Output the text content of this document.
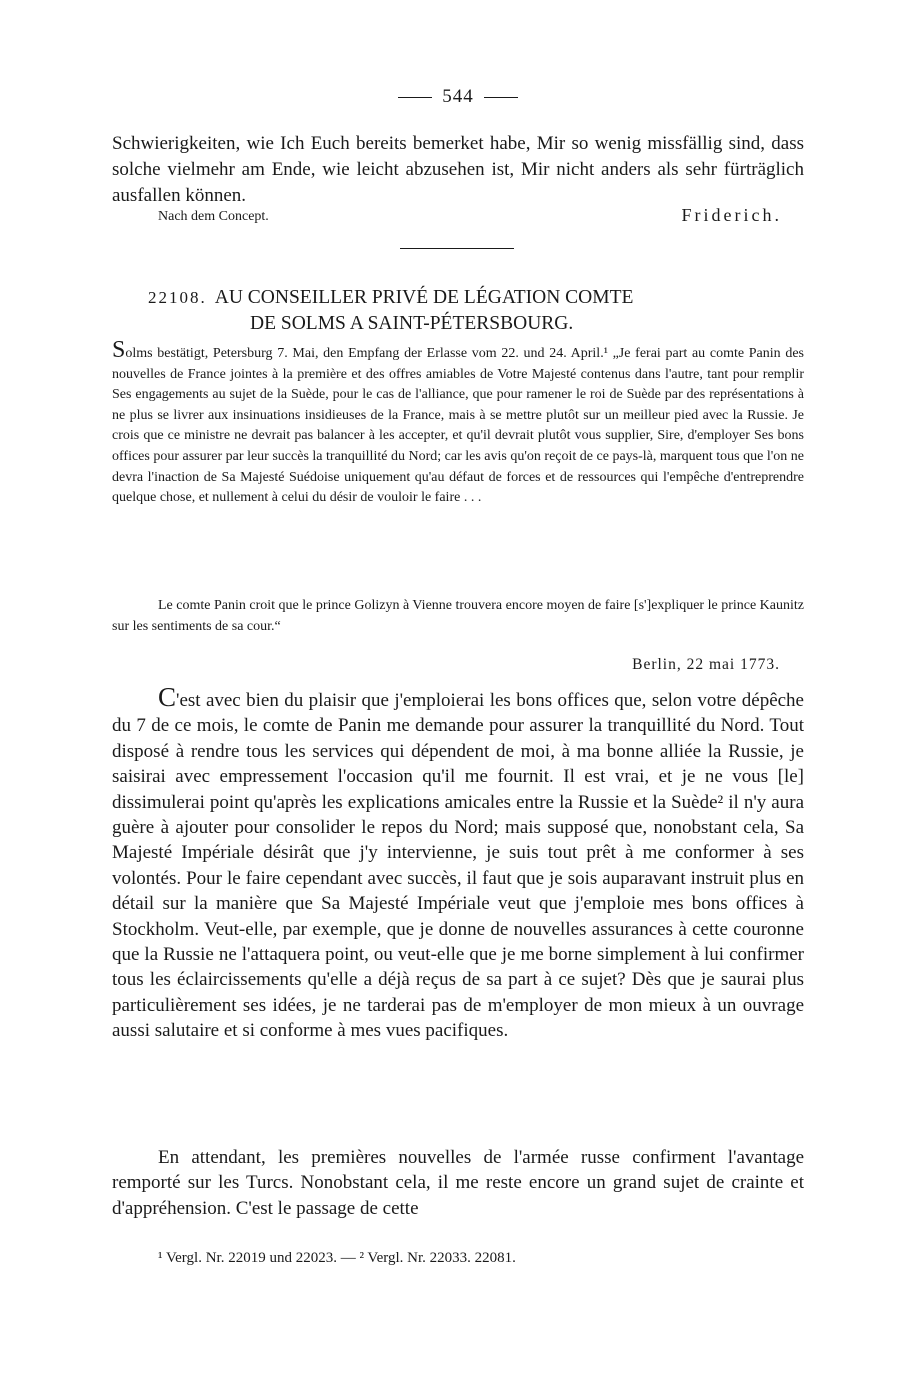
544

Schwierigkeiten, wie Ich Euch bereits bemerket habe, Mir so wenig missfällig sind, dass solche vielmehr am Ende, wie leicht abzusehen ist, Mir nicht anders als sehr fürträglich ausfallen können.

Nach dem Concept.	Friderich.
22108. AU CONSEILLER PRIVÉ DE LÉGATION COMTE
DE SOLMS A SAINT-PÉTERSBOURG.

Solms bestätigt, Petersburg 7. Mai, den Empfang der Erlasse vom 22. und 24. April.¹ „Je ferai part au comte Panin des nouvelles de France jointes à la première et des offres amiables de Votre Majesté contenus dans l'autre, tant pour remplir Ses engagements au sujet de la Suède, pour le cas de l'alliance, que pour ramener le roi de Suède par des représentations à ne plus se livrer aux insinuations insidieuses de la France, mais à se mettre plutôt sur un meilleur pied avec la Russie. Je crois que ce ministre ne devrait pas balancer à les accepter, et qu'il devrait plutôt vous supplier, Sire, d'employer Ses bons offices pour assurer par leur succès la tranquillité du Nord; car les avis qu'on reçoit de ce pays-là, marquent tous que l'on ne devra l'inaction de Sa Majesté Suédoise uniquement qu'au défaut de forces et de ressources qui l'empêche d'entreprendre quelque chose, et nullement à celui du désir de vouloir le faire . . .

Le comte Panin croit que le prince Golizyn à Vienne trouvera encore moyen de faire [s']expliquer le prince Kaunitz sur les sentiments de sa cour.“

Berlin, 22 mai 1773.

C'est avec bien du plaisir que j'emploierai les bons offices que, selon votre dépêche du 7 de ce mois, le comte de Panin me demande pour assurer la tranquillité du Nord. Tout disposé à rendre tous les services qui dépendent de moi, à ma bonne alliée la Russie, je saisirai avec empressement l'occasion qu'il me fournit. Il est vrai, et je ne vous [le] dissimulerai point qu'après les explications amicales entre la Russie et la Suède² il n'y aura guère à ajouter pour consolider le repos du Nord; mais supposé que, nonobstant cela, Sa Majesté Impériale désirât que j'y intervienne, je suis tout prêt à me conformer à ses volontés. Pour le faire cependant avec succès, il faut que je sois auparavant instruit plus en détail sur la manière que Sa Majesté Impériale veut que j'emploie mes bons offices à Stockholm. Veut-elle, par exemple, que je donne de nouvelles assurances à cette couronne que la Russie ne l'attaquera point, ou veut-elle que je me borne simplement à lui confirmer tous les éclaircissements qu'elle a déjà reçus de sa part à ce sujet? Dès que je saurai plus particulièrement ses idées, je ne tarderai pas de m'employer de mon mieux à un ouvrage aussi salutaire et si conforme à mes vues pacifiques.

En attendant, les premières nouvelles de l'armée russe confirment l'avantage remporté sur les Turcs. Nonobstant cela, il me reste encore un grand sujet de crainte et d'appréhension. C'est le passage de cette

¹ Vergl. Nr. 22019 und 22023. — ² Vergl. Nr. 22033. 22081.
